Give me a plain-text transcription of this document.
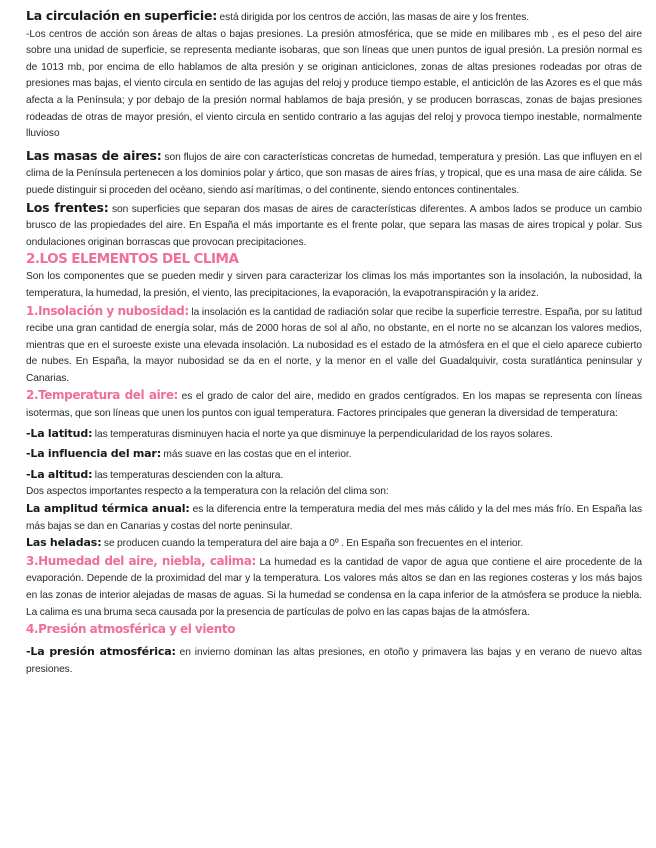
La circulación en superficie: está dirigida por los centros de acción, las masas de aire y los frentes.

-Los centros de acción son áreas de altas o bajas presiones. La presión atmosférica, que se mide en milibares mb , es el peso del aire sobre una unidad de superficie, se representa mediante isobaras, que son líneas que unen puntos de igual presión. La presión normal es de 1013 mb, por encima de ello hablamos de alta presión y se originan anticiclones, zonas de altas presiones rodeadas por otras de presiones mas bajas, el viento circula en sentido de las agujas del reloj y produce tiempo estable, el anticiclón de las Azores es el que más afecta a la Península; y por debajo de la presión normal hablamos de baja presión, y se producen borrascas, zonas de bajas presiones rodeadas de otras de mayor presión, el viento circula en sentido contrario a las agujas del reloj y provoca tiempo inestable, normalmente lluvioso

Las masas de aires: son flujos de aire con características concretas de humedad, temperatura y presión. Las que influyen en el clima de la Península pertenecen a los dominios polar y ártico, que son masas de aires frías, y tropical, que es una masa de aire cálida. Se puede distinguir si proceden del océano, siendo así marítimas, o del continente, siendo entonces continentales.

Los frentes: son superficies que separan dos masas de aires de características diferentes. A ambos lados se produce un cambio brusco de las propiedades del aire. En España el más importante es el frente polar, que separa las masas de aires tropical y polar. Sus ondulaciones originan borrascas que provocan precipitaciones.

2.LOS ELEMENTOS DEL CLIMA

Son los componentes que se pueden medir y sirven para caracterizar los climas los más importantes son la insolación, la nubosidad, la temperatura, la humedad, la presión, el viento, las precipitaciones, la evaporación, la evapotranspiración y la aridez.

1.Insolación y nubosidad: la insolación es la cantidad de radiación solar que recibe la superficie terrestre. España, por su latitud recibe una gran cantidad de energía solar, más de 2000 horas de sol al año, no obstante, en el norte no se alcanzan los valores medios, mientras que en el suroeste existe una elevada insolación. La nubosidad es el estado de la atmósfera en el que el cielo aparece cubierto de nubes. En España, la mayor nubosidad se da en el norte, y la menor en el valle del Guadalquivir, costa suratlántica peninsular y Canarias.

2.Temperatura del aire: es el grado de calor del aire, medido en grados centígrados. En los mapas se representa con líneas isotermas, que son líneas que unen los puntos con igual temperatura. Factores principales que generan la diversidad de temperatura:

-La latitud: las temperaturas disminuyen hacia el norte ya que disminuye la perpendicularidad de los rayos solares.

-La influencia del mar: más suave en las costas que en el interior.

-La altitud: las temperaturas descienden con la altura.

Dos aspectos importantes respecto a la temperatura con la relación del clima son:

La amplitud térmica anual: es la diferencia entre la temperatura media del mes más cálido y la del mes más frío. En España las más bajas se dan en Canarias y costas del norte peninsular.

Las heladas: se producen cuando la temperatura del aire baja a 0º . En España son frecuentes en el interior.

3.Humedad del aire, niebla, calima: La humedad es la cantidad de vapor de agua que contiene el aire procedente de la evaporación. Depende de la proximidad del mar y la temperatura. Los valores más altos se dan en las regiones costeras y los más bajos en las zonas de interior alejadas de masas de aguas. Si la humedad se condensa en la capa inferior de la atmósfera se produce la niebla. La calima es una bruma seca causada por la presencia de partículas de polvo en las capas bajas de la atmósfera.

4.Presión atmosférica y el viento

-La presión atmosférica: en invierno dominan las altas presiones, en otoño y primavera las bajas y en verano de nuevo altas presiones.
